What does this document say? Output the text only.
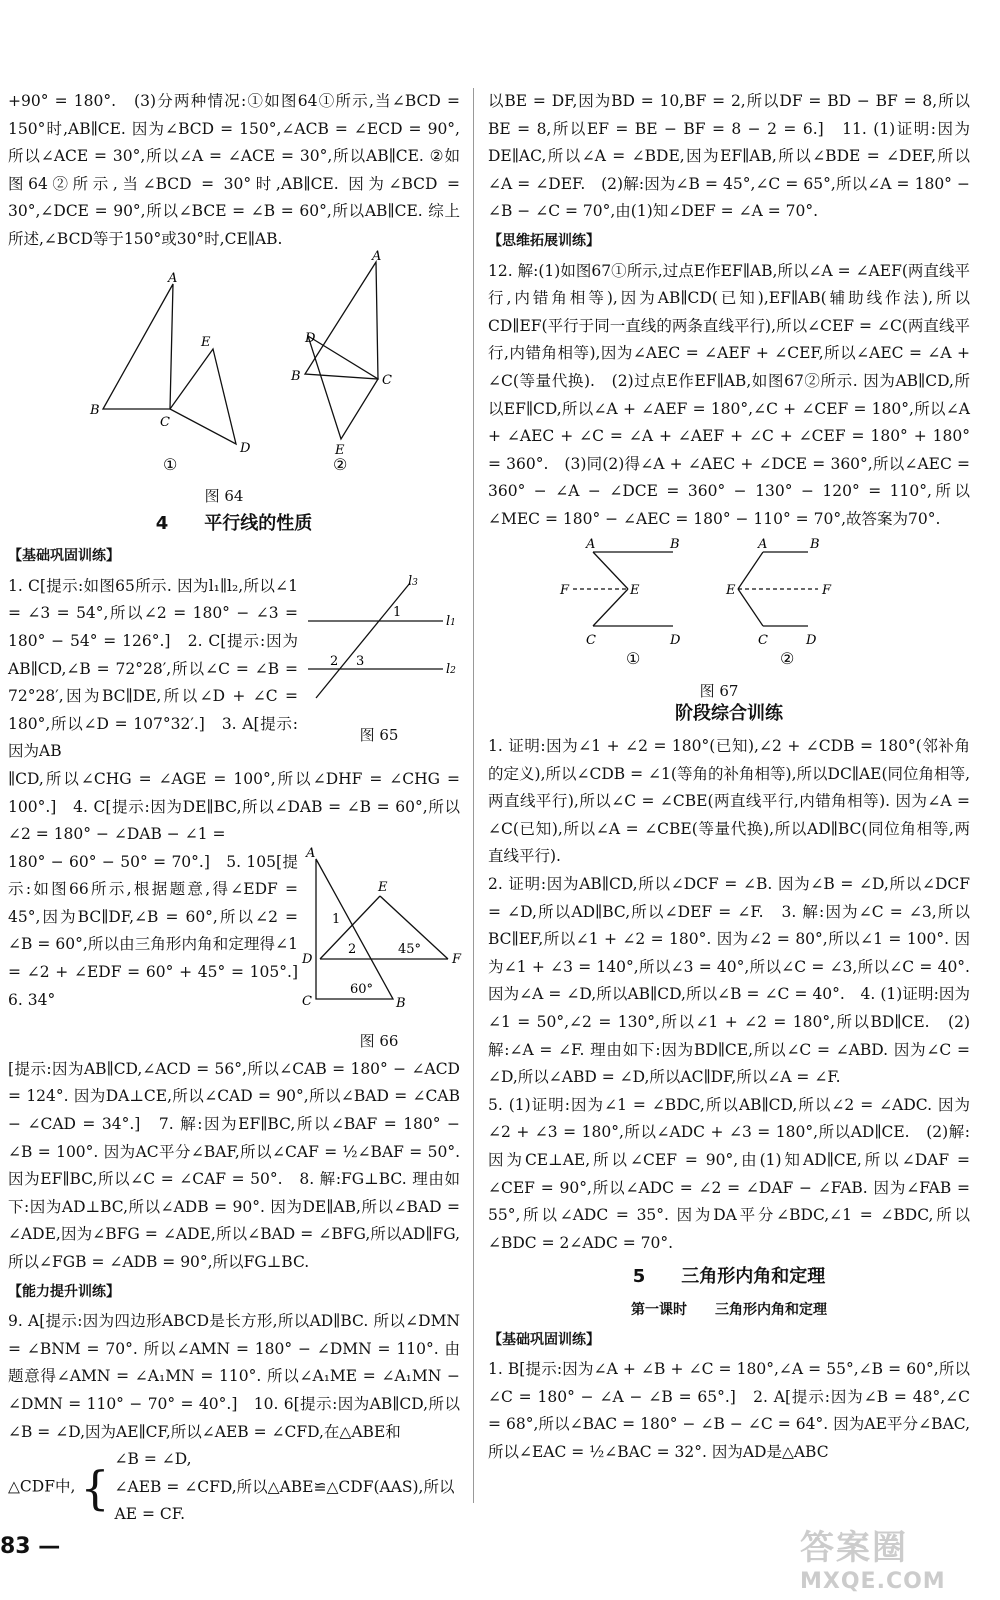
+90° = 180°.　(3)分两种情况:①如图64①所示,当∠BCD = 150°时,AB∥CE. 因为∠BCD = 150°,∠ACB = ∠ECD = 90°,所以∠ACE = 30°,所以∠A = ∠ACE = 30°,所以AB∥CE. ②如图64②所示,当∠BCD = 30°时,AB∥CE. 因为∠BCD = 30°,∠DCE = 90°,所以∠BCE = ∠B = 60°,所以AB∥CE. 综上所述,∠BCD等于150°或30°时,CE∥AB.

A
B
C
E
D
A
B	C
D
E
①	②
图 64
4　　平行线的性质
【基础巩固训练】

1. C[提示:如图65所示. 因为l₁∥l₂,所以∠1 = ∠3 = 54°,所以∠2 = 180° − ∠3 = 180° − 54° = 126°.]　2. C[提示:因为AB∥CD,∠B = 72°28′,所以∠C = ∠B = 72°28′,因为BC∥DE,所以∠D + ∠C = 180°,所以∠D = 107°32′.]　3. A[提示:因为AB

l3
l1
l2
1
2 3
图 65

∥CD,所以∠CHG = ∠AGE = 100°,所以∠DHF = ∠CHG = 100°.]　4. C[提示:因为DE∥BC,所以∠DAB = ∠B = 60°,所以∠2 = 180° − ∠DAB − ∠1 =

180° − 60° − 50° = 70°.]　5. 105[提示:如图66所示,根据题意,得∠EDF = 45°,因为BC∥DF,∠B = 60°,所以∠2 = ∠B = 60°,所以由三角形内角和定理得∠1 = ∠2 + ∠EDF = 60° + 45° = 105°.]　6. 34°

A
E
D	F
C	B
1
2	45°
60°
图 66

[提示:因为AB∥CD,∠ACD = 56°,所以∠CAB = 180° − ∠ACD = 124°. 因为DA⊥CE,所以∠CAD = 90°,所以∠BAD = ∠CAB − ∠CAD = 34°.]　7. 解:因为EF∥BC,所以∠BAF = 180° − ∠B = 100°. 因为AC平分∠BAF,所以∠CAF = ½∠BAF = 50°. 因为EF∥BC,所以∠C = ∠CAF = 50°.　8. 解:FG⊥BC. 理由如下:因为AD⊥BC,所以∠ADB = 90°. 因为DE∥AB,所以∠BAD = ∠ADE,因为∠BFG = ∠ADE,所以∠BAD = ∠BFG,所以AD∥FG,所以∠FGB = ∠ADB = 90°,所以FG⊥BC.

【能力提升训练】

9. A[提示:因为四边形ABCD是长方形,所以AD∥BC. 所以∠DMN = ∠BNM = 70°. 所以∠AMN = 180° − ∠DMN = 110°. 由题意得∠AMN = ∠A₁MN = 110°. 所以∠A₁ME = ∠A₁MN − ∠DMN = 110° − 70° = 40°.]　10. 6[提示:因为AB∥CD,所以∠B = ∠D,因为AE∥CF,所以∠AEB = ∠CFD,在△ABE和

△CDF中, {
∠B = ∠D,
∠AEB = ∠CFD,所以△ABE≌△CDF(AAS),所以
AE = CF.

以BE = DF,因为BD = 10,BF = 2,所以DF = BD − BF = 8,所以BE = 8,所以EF = BE − BF = 8 − 2 = 6.]　11. (1)证明:因为DE∥AC,所以∠A = ∠BDE,因为EF∥AB,所以∠BDE = ∠DEF,所以∠A = ∠DEF.　(2)解:因为∠B = 45°,∠C = 65°,所以∠A = 180° − ∠B − ∠C = 70°,由(1)知∠DEF = ∠A = 70°.

【思维拓展训练】

12. 解:(1)如图67①所示,过点E作EF∥AB,所以∠A = ∠AEF(两直线平行,内错角相等),因为AB∥CD(已知),EF∥AB(辅助线作法),所以CD∥EF(平行于同一直线的两条直线平行),所以∠CEF = ∠C(两直线平行,内错角相等),因为∠AEC = ∠AEF + ∠CEF,所以∠AEC = ∠A + ∠C(等量代换).　(2)过点E作EF∥AB,如图67②所示. 因为AB∥CD,所以EF∥CD,所以∠A + ∠AEF = 180°,∠C + ∠CEF = 180°,所以∠A + ∠AEC + ∠C = ∠A + ∠AEF + ∠C + ∠CEF = 180° + 180° = 360°.　(3)同(2)得∠A + ∠AEC + ∠DCE = 360°,所以∠AEC = 360° − ∠A − ∠DCE = 360° − 130° − 120° = 110°,所以∠MEC = 180° − ∠AEC = 180° − 110° = 70°,故答案为70°.

A	B
F	E
C	D
A	B
E	F
C	D
①	②
图 67
阶段综合训练

1. 证明:因为∠1 + ∠2 = 180°(已知),∠2 + ∠CDB = 180°(邻补角的定义),所以∠CDB = ∠1(等角的补角相等),所以DC∥AE(同位角相等,两直线平行),所以∠C = ∠CBE(两直线平行,内错角相等). 因为∠A = ∠C(已知),所以∠A = ∠CBE(等量代换),所以AD∥BC(同位角相等,两直线平行).

2. 证明:因为AB∥CD,所以∠DCF = ∠B. 因为∠B = ∠D,所以∠DCF = ∠D,所以AD∥BC,所以∠DEF = ∠F.　3. 解:因为∠C = ∠3,所以BC∥EF,所以∠1 + ∠2 = 180°. 因为∠2 = 80°,所以∠1 = 100°. 因为∠1 + ∠3 = 140°,所以∠3 = 40°,所以∠C = ∠3,所以∠C = 40°. 因为∠A = ∠D,所以AB∥CD,所以∠B = ∠C = 40°.　4. (1)证明:因为∠1 = 50°,∠2 = 130°,所以∠1 + ∠2 = 180°,所以BD∥CE.　(2)解:∠A = ∠F. 理由如下:因为BD∥CE,所以∠C = ∠ABD. 因为∠C = ∠D,所以∠ABD = ∠D,所以AC∥DF,所以∠A = ∠F.

5. (1)证明:因为∠1 = ∠BDC,所以AB∥CD,所以∠2 = ∠ADC. 因为∠2 + ∠3 = 180°,所以∠ADC + ∠3 = 180°,所以AD∥CE.　(2)解:因为CE⊥AE,所以∠CEF = 90°,由(1)知AD∥CE,所以∠DAF = ∠CEF = 90°,所以∠ADC = ∠2 = ∠DAF − ∠FAB. 因为∠FAB = 55°,所以∠ADC = 35°. 因为DA平分∠BDC,∠1 = ∠BDC,所以∠BDC = 2∠ADC = 70°.

5　　三角形内角和定理
第一课时　　三角形内角和定理
【基础巩固训练】

1. B[提示:因为∠A + ∠B + ∠C = 180°,∠A = 55°,∠B = 60°,所以∠C = 180° − ∠A − ∠B = 65°.]　2. A[提示:因为∠B = 48°,∠C = 68°,所以∠BAC = 180° − ∠B − ∠C = 64°. 因为AE平分∠BAC,所以∠EAC = ½∠BAC = 32°. 因为AD是△ABC

83 —	答案圈
MXQE.COM
